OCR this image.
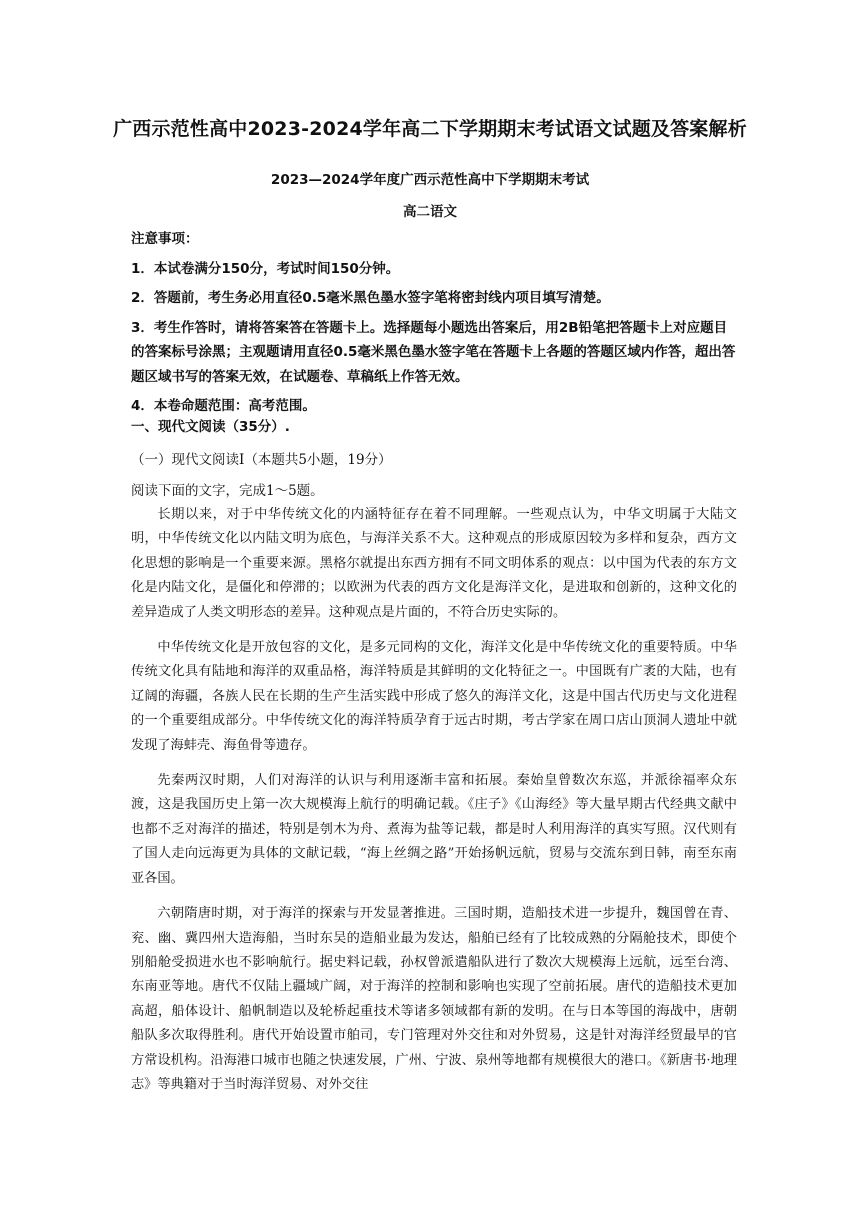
广西示范性高中2023-2024学年高二下学期期末考试语文试题及答案解析
2023—2024学年度广西示范性高中下学期期末考试
高二语文

注意事项：

1．本试卷满分150分，考试时间150分钟。

2．答题前，考生务必用直径0.5毫米黑色墨水签字笔将密封线内项目填写清楚。

3．考生作答时，请将答案答在答题卡上。选择题每小题选出答案后，用2B铅笔把答题卡上对应题目的答案标号涂黑；主观题请用直径0.5毫米黑色墨水签字笔在答题卡上各题的答题区域内作答，超出答题区域书写的答案无效，在试题卷、草稿纸上作答无效。

4．本卷命题范围：高考范围。

一、现代文阅读（35分）.
（一）现代文阅读Ⅰ（本题共5小题，19分）
阅读下面的文字，完成1～5题。

长期以来，对于中华传统文化的内涵特征存在着不同理解。一些观点认为，中华文明属于大陆文明，中华传统文化以内陆文明为底色，与海洋关系不大。这种观点的形成原因较为多样和复杂，西方文化思想的影响是一个重要来源。黑格尔就提出东西方拥有不同文明体系的观点：以中国为代表的东方文化是内陆文化，是僵化和停滞的；以欧洲为代表的西方文化是海洋文化，是进取和创新的，这种文化的差异造成了人类文明形态的差异。这种观点是片面的，不符合历史实际的。

中华传统文化是开放包容的文化，是多元同构的文化，海洋文化是中华传统文化的重要特质。中华传统文化具有陆地和海洋的双重品格，海洋特质是其鲜明的文化特征之一。中国既有广袤的大陆，也有辽阔的海疆，各族人民在长期的生产生活实践中形成了悠久的海洋文化，这是中国古代历史与文化进程的一个重要组成部分。中华传统文化的海洋特质孕育于远古时期，考古学家在周口店山顶洞人遗址中就发现了海蚌壳、海鱼骨等遗存。

先秦两汉时期，人们对海洋的认识与利用逐渐丰富和拓展。秦始皇曾数次东巡，并派徐福率众东渡，这是我国历史上第一次大规模海上航行的明确记载。《庄子》《山海经》等大量早期古代经典文献中也都不乏对海洋的描述，特别是刳木为舟、煮海为盐等记载，都是时人利用海洋的真实写照。汉代则有了国人走向远海更为具体的文献记载，“海上丝绸之路”开始扬帆远航，贸易与交流东到日韩，南至东南亚各国。

六朝隋唐时期，对于海洋的探索与开发显著推进。三国时期，造船技术进一步提升，魏国曾在青、兖、幽、冀四州大造海船，当时东吴的造船业最为发达，船舶已经有了比较成熟的分隔舱技术，即使个别船舱受损进水也不影响航行。据史料记载，孙权曾派遣船队进行了数次大规模海上远航，远至台湾、东南亚等地。唐代不仅陆上疆域广阔，对于海洋的控制和影响也实现了空前拓展。唐代的造船技术更加高超，船体设计、船帆制造以及轮桥起重技术等诸多领域都有新的发明。在与日本等国的海战中，唐朝船队多次取得胜利。唐代开始设置市舶司，专门管理对外交往和对外贸易，这是针对海洋经贸最早的官方常设机构。沿海港口城市也随之快速发展，广州、宁波、泉州等地都有规模很大的港口。《新唐书·地理志》等典籍对于当时海洋贸易、对外交往
